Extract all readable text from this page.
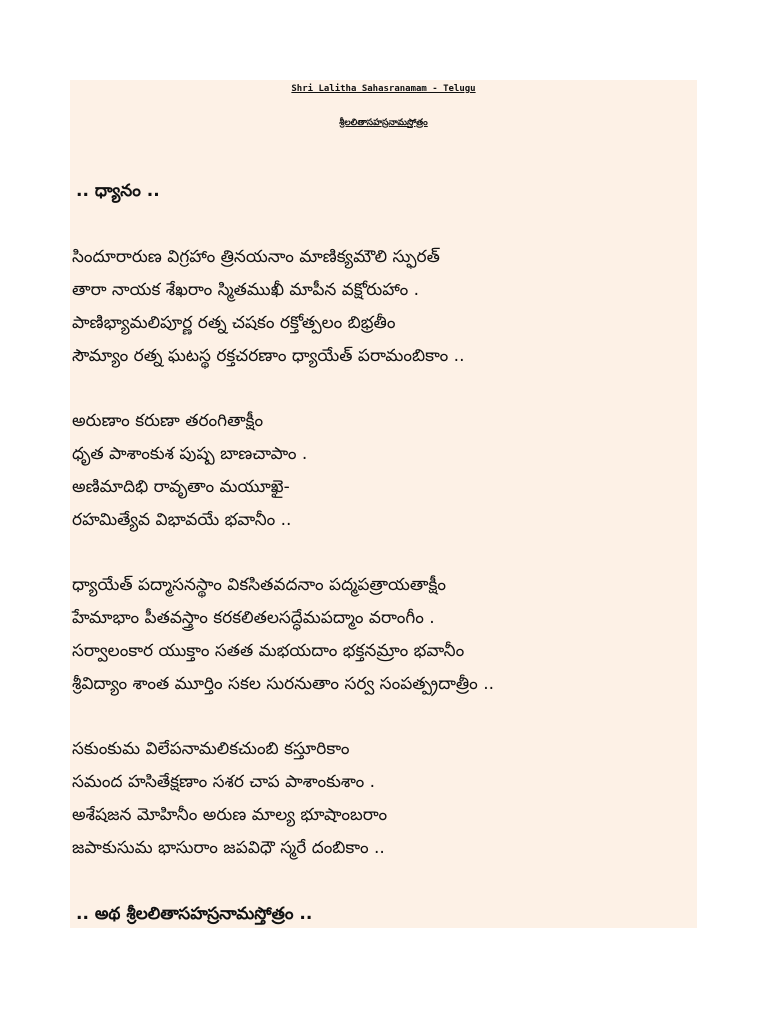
Shri Lalitha Sahasranamam - Telugu
శ్రీలలితాసహస్రనామస్తోత్రం
.. ధ్యానం ..
సిందూరారుణ విగ్రహాం త్రినయనాం మాణిక్యమౌలి స్ఫురత్
తారా నాయక శేఖరాం స్మితముఖీ మాపీన వక్షోరుహాం .
పాణిభ్యామలిపూర్ణ రత్న చషకం రక్తోత్పలం బిభ్రతీం
సౌమ్యాం రత్న ఘటస్థ రక్తచరణాం ధ్యాయేత్ పరామంబికాం ..
అరుణాం కరుణా తరంగితాక్షీం
ధృత పాశాంకుశ పుష్ప బాణచాపాం .
అణిమాదిభి రావృతాం మయూఖై-
రహమిత్యేవ విభావయే భవానీం ..
ధ్యాయేత్ పద్మాసనస్థాం వికసితవదనాం పద్మపత్రాయతాక్షీం
హేమాభాం పీతవస్త్రాం కరకలితలసద్ధేమపద్మాం వరాంగీం .
సర్వాలంకార యుక్తాం సతత మభయదాం భక్తనమ్రాం భవానీం
శ్రీవిద్యాం శాంత మూర్తిం సకల సురనుతాం సర్వ సంపత్ప్రదాత్రీం ..
సకుంకుమ విలేపనామలికచుంబి కస్తూరికాం
సమంద హసితేక్షణాం సశర చాప పాశాంకుశాం .
అశేషజన మోహినీం అరుణ మాల్య భూషాంబరాం
జపాకుసుమ భాసురాం జపవిధౌ స్మరే దంబికాం ..
.. అథ శ్రీలలితాసహస్రనామస్తోత్రం ..
